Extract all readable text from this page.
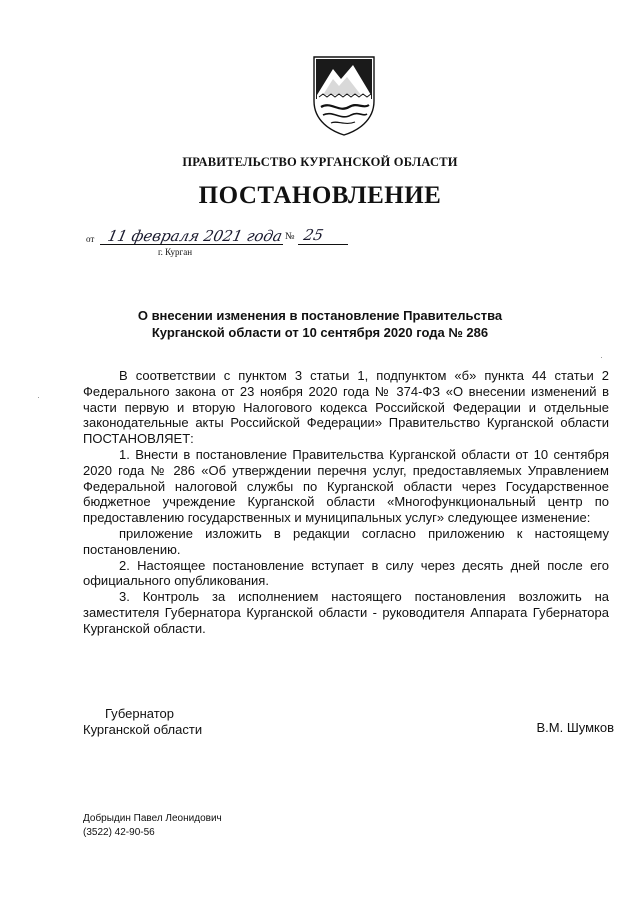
ПРАВИТЕЛЬСТВО КУРГАНСКОЙ ОБЛАСТИ
ПОСТАНОВЛЕНИЕ
от 11 февраля 2021 года № 25
г. Курган
О внесении изменения в постановление Правительства
Курганской области от 10 сентября 2020 года № 286

В соответствии с пунктом 3 статьи 1, подпунктом «б» пункта 44 статьи 2 Федерального закона от 23 ноября 2020 года № 374-ФЗ «О внесении изменений в части первую и вторую Налогового кодекса Российской Федерации и отдельные законодательные акты Российской Федерации» Правительство Курганской области ПОСТАНОВЛЯЕТ:

1. Внести в постановление Правительства Курганской области от 10 сентября 2020 года № 286 «Об утверждении перечня услуг, предоставляемых Управлением Федеральной налоговой службы по Курганской области через Государственное бюджетное учреждение Курганской области «Многофункциональный центр по предоставлению государственных и муниципальных услуг» следующее изменение:

приложение изложить в редакции согласно приложению к настоящему постановлению.

2. Настоящее постановление вступает в силу через десять дней после его официального опубликования.

3. Контроль за исполнением настоящего постановления возложить на заместителя Губернатора Курганской области - руководителя Аппарата Губернатора Курганской области.

Губернатор
Курганской области	В.М. Шумков
Добрыдин Павел Леонидович
(3522) 42-90-56
